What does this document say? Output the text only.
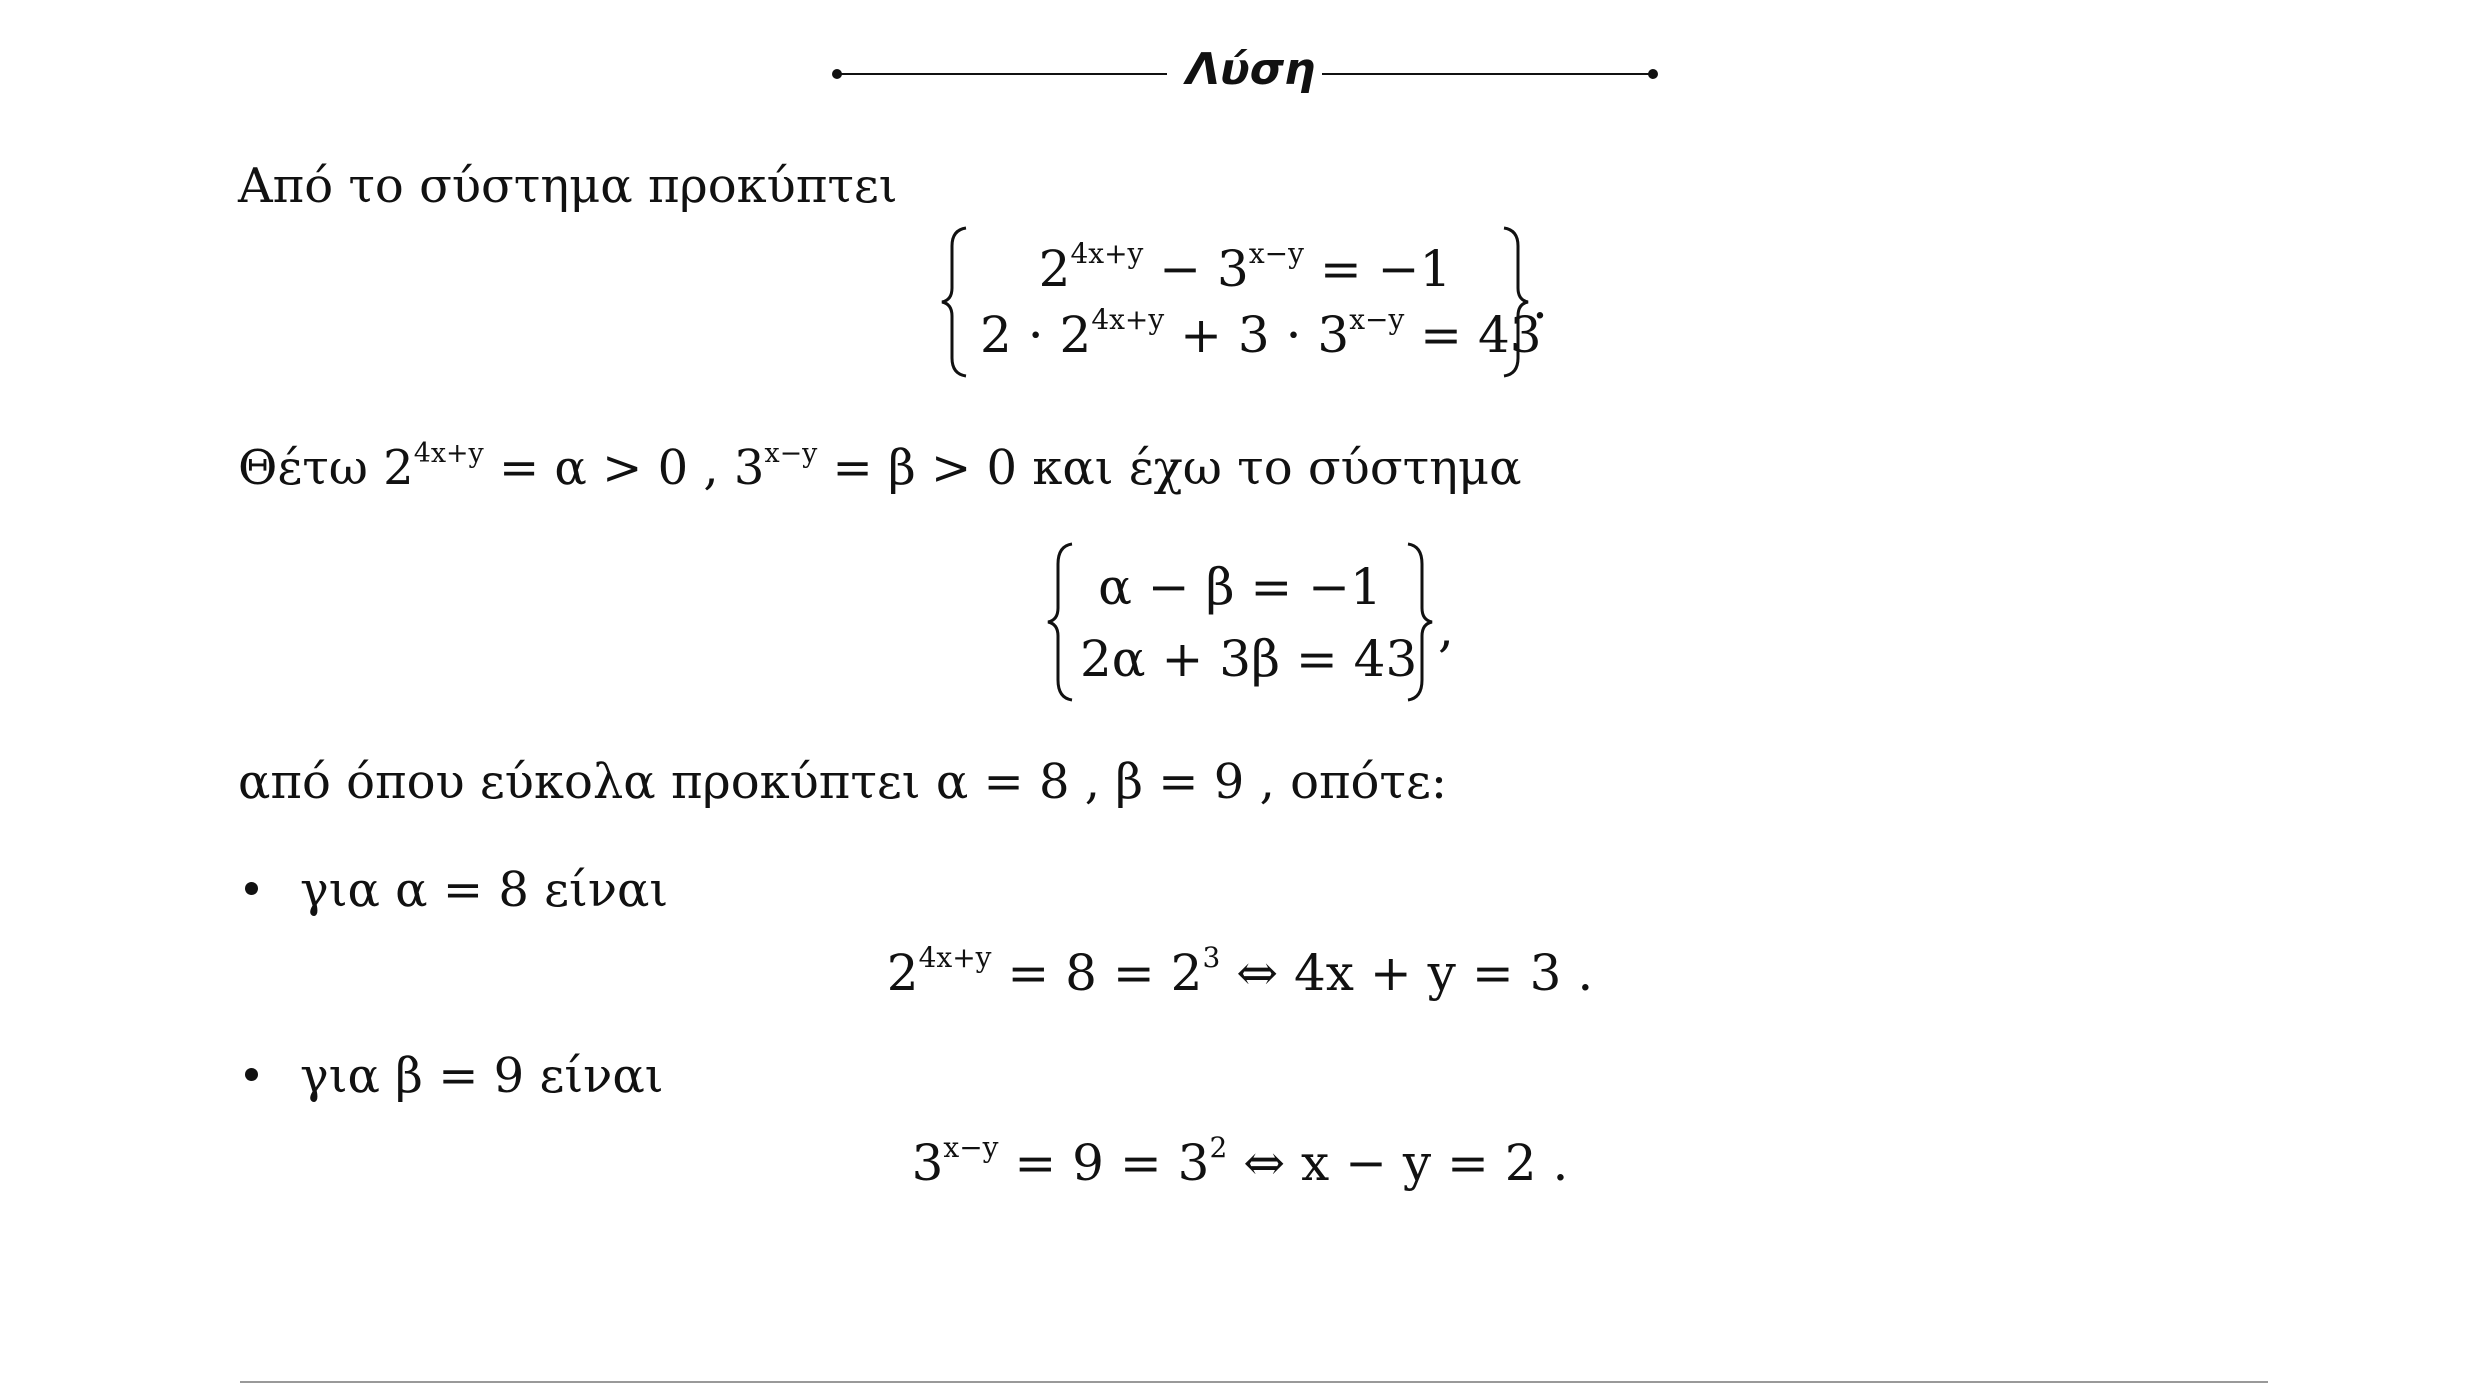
Λύση
Από το σύστημα προκύπτει
$2^{4x+y} - 3^{x-y} = -1$
$2 \cdot 2^{4x+y} + 3 \cdot 3^{x-y} = 43$
.
Θέτω $2^{4x+y} = \alpha > 0$ , $3^{x-y} = \beta > 0$ και έχω το σύστημα
α − β = −1
2α + 3β = 43
,
από όπου εύκολα προκύπτει α = 8 , β = 9 , οπότε:
για α = 8 είναι
$2^{4x+y} = 8 = 2^3$ ⇔ 4x + y = 3 .
για β = 9 είναι
$3^{x-y} = 9 = 3^2$ ⇔ x − y = 2 .
